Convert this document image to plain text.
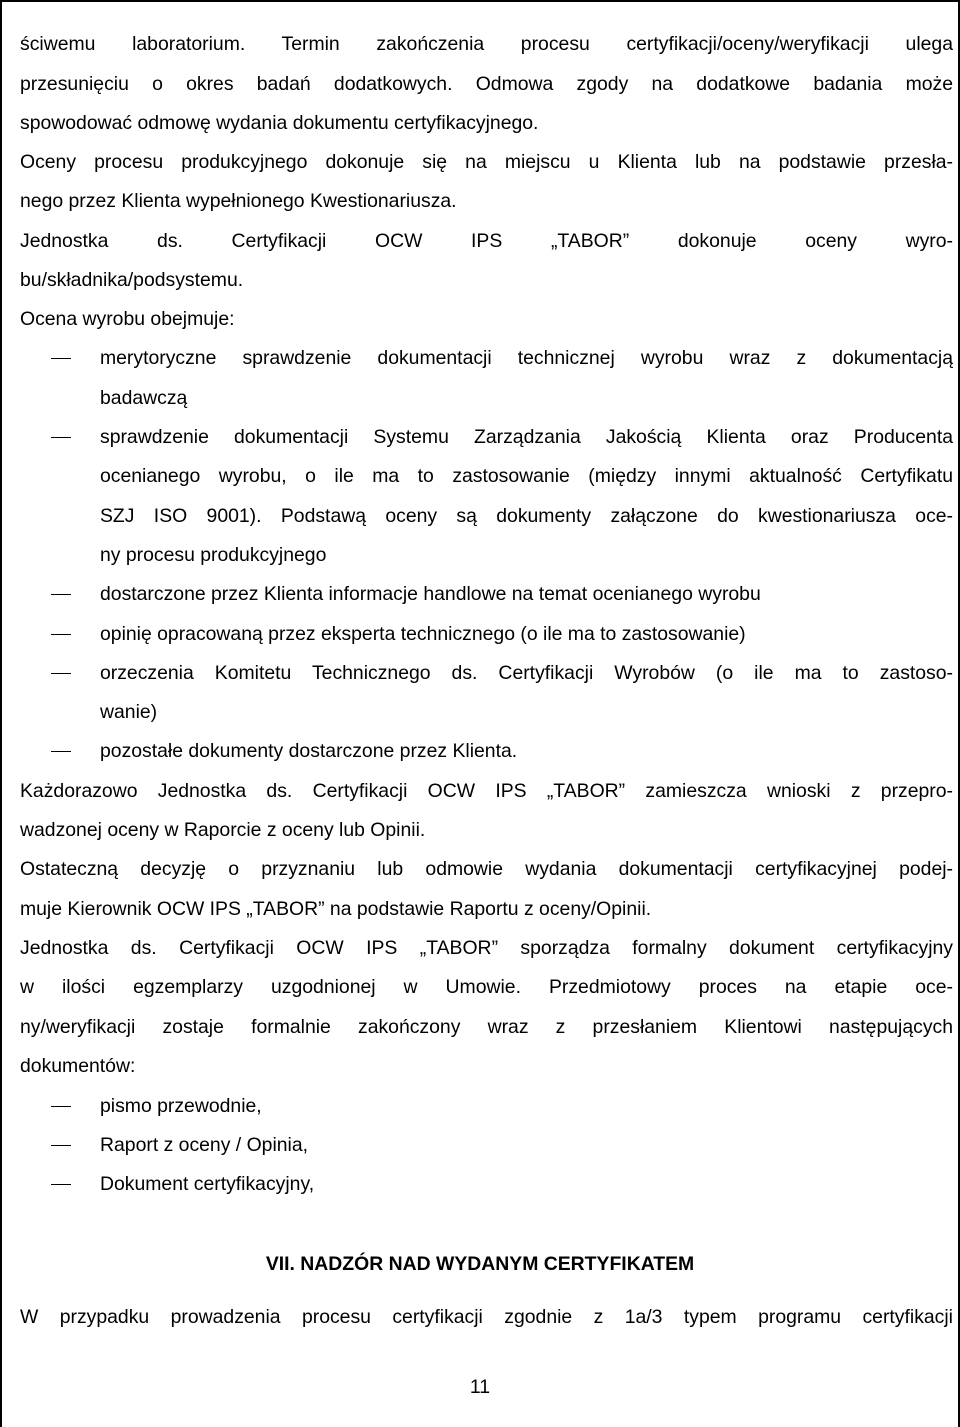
ściwemu laboratorium. Termin zakończenia procesu certyfikacji/oceny/weryfikacji ulega
przesunięciu o okres badań dodatkowych. Odmowa zgody na dodatkowe badania może
spowodować odmowę wydania dokumentu certyfikacyjnego.
Oceny procesu produkcyjnego dokonuje się na miejscu u Klienta lub na podstawie przesła-
nego przez Klienta wypełnionego Kwestionariusza.
Jednostka ds. Certyfikacji OCW IPS „TABOR” dokonuje oceny wyro-
bu/składnika/podsystemu.
Ocena wyrobu obejmuje:
merytoryczne sprawdzenie dokumentacji technicznej wyrobu wraz z dokumentacją
badawczą
sprawdzenie dokumentacji Systemu Zarządzania Jakością Klienta oraz Producenta
ocenianego wyrobu, o ile ma to zastosowanie (między innymi aktualność Certyfikatu
SZJ ISO 9001). Podstawą oceny są dokumenty załączone do kwestionariusza oce-
ny procesu produkcyjnego
dostarczone przez Klienta informacje handlowe na temat ocenianego wyrobu
opinię opracowaną przez eksperta technicznego (o ile ma to zastosowanie)
orzeczenia Komitetu Technicznego ds. Certyfikacji Wyrobów (o ile ma to zastoso-
wanie)
pozostałe dokumenty dostarczone przez Klienta.
Każdorazowo Jednostka ds. Certyfikacji OCW IPS „TABOR” zamieszcza wnioski z przepro-
wadzonej oceny w Raporcie z oceny lub Opinii.
Ostateczną decyzję o przyznaniu lub odmowie wydania dokumentacji certyfikacyjnej podej-
muje Kierownik OCW IPS „TABOR” na podstawie Raportu z oceny/Opinii.
Jednostka ds. Certyfikacji OCW IPS „TABOR” sporządza formalny dokument certyfikacyjny
w ilości egzemplarzy uzgodnionej w Umowie. Przedmiotowy proces na etapie oce-
ny/weryfikacji zostaje formalnie zakończony wraz z przesłaniem Klientowi następujących
dokumentów:
pismo przewodnie,
Raport z oceny / Opinia,
Dokument certyfikacyjny,
VII. NADZÓR NAD WYDANYM CERTYFIKATEM
W przypadku prowadzenia procesu certyfikacji zgodnie z 1a/3 typem programu certyfikacji
11
